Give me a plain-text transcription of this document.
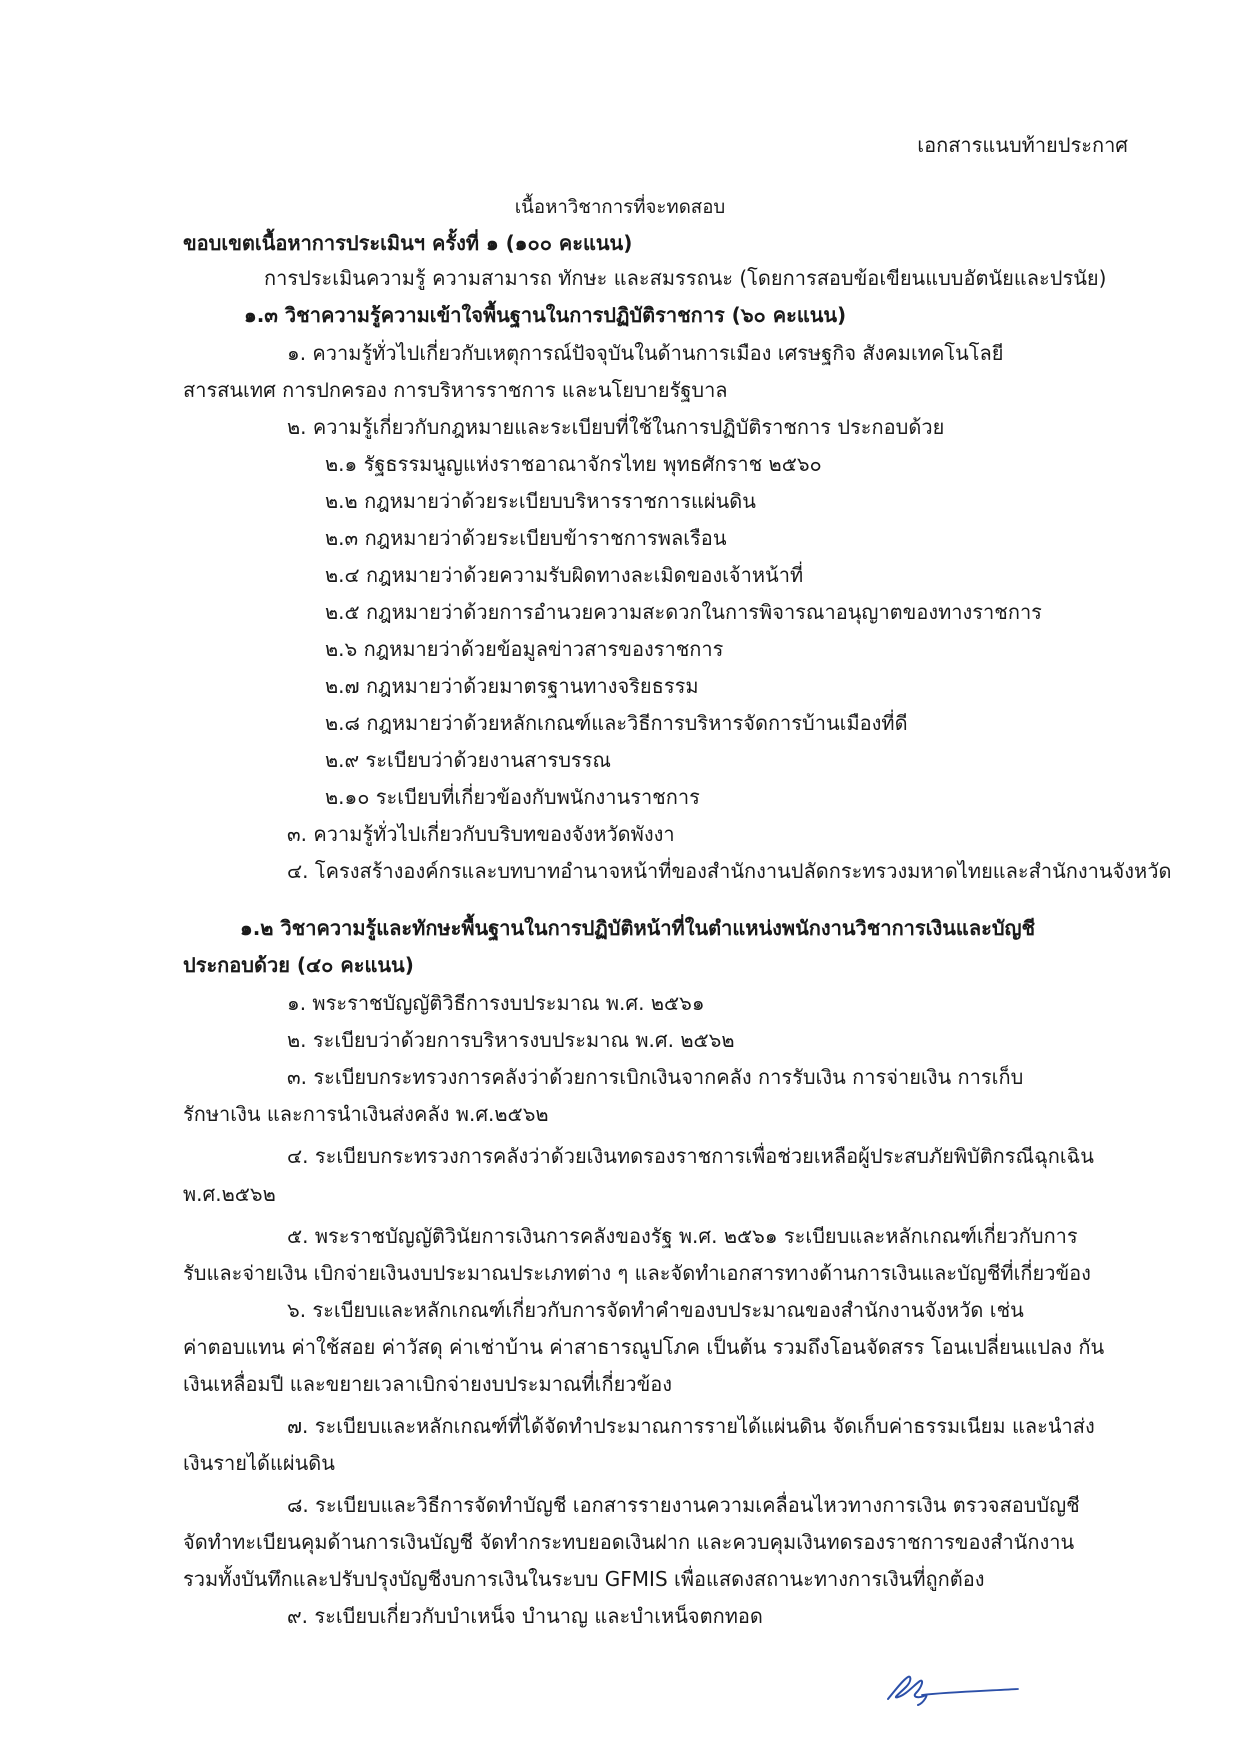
เอกสารแนบท้ายประกาศ
เนื้อหาวิชาการที่จะทดสอบ
ขอบเขตเนื้อหาการประเมินฯ ครั้งที่ ๑ (๑๐๐ คะแนน)
การประเมินความรู้ ความสามารถ ทักษะ และสมรรถนะ (โดยการสอบข้อเขียนแบบอัตนัยและปรนัย)
๑.๓ วิชาความรู้ความเข้าใจพื้นฐานในการปฏิบัติราชการ (๖๐ คะแนน)
๑. ความรู้ทั่วไปเกี่ยวกับเหตุการณ์ปัจจุบันในด้านการเมือง เศรษฐกิจ สังคมเทคโนโลยี
สารสนเทศ การปกครอง การบริหารราชการ และนโยบายรัฐบาล
๒. ความรู้เกี่ยวกับกฎหมายและระเบียบที่ใช้ในการปฏิบัติราชการ ประกอบด้วย
๒.๑ รัฐธรรมนูญแห่งราชอาณาจักรไทย พุทธศักราช ๒๕๖๐
๒.๒ กฎหมายว่าด้วยระเบียบบริหารราชการแผ่นดิน
๒.๓ กฎหมายว่าด้วยระเบียบข้าราชการพลเรือน
๒.๔ กฎหมายว่าด้วยความรับผิดทางละเมิดของเจ้าหน้าที่
๒.๕ กฎหมายว่าด้วยการอำนวยความสะดวกในการพิจารณาอนุญาตของทางราชการ
๒.๖ กฎหมายว่าด้วยข้อมูลข่าวสารของราชการ
๒.๗ กฎหมายว่าด้วยมาตรฐานทางจริยธรรม
๒.๘ กฎหมายว่าด้วยหลักเกณฑ์และวิธีการบริหารจัดการบ้านเมืองที่ดี
๒.๙ ระเบียบว่าด้วยงานสารบรรณ
๒.๑๐ ระเบียบที่เกี่ยวข้องกับพนักงานราชการ
๓. ความรู้ทั่วไปเกี่ยวกับบริบทของจังหวัดพังงา
๔. โครงสร้างองค์กรและบทบาทอำนาจหน้าที่ของสำนักงานปลัดกระทรวงมหาดไทยและสำนักงานจังหวัด
๑.๒ วิชาความรู้และทักษะพื้นฐานในการปฏิบัติหน้าที่ในตำแหน่งพนักงานวิชาการเงินและบัญชี
ประกอบด้วย (๔๐ คะแนน)
๑. พระราชบัญญัติวิธีการงบประมาณ พ.ศ. ๒๕๖๑
๒. ระเบียบว่าด้วยการบริหารงบประมาณ พ.ศ. ๒๕๖๒
๓. ระเบียบกระทรวงการคลังว่าด้วยการเบิกเงินจากคลัง การรับเงิน การจ่ายเงิน การเก็บ
รักษาเงิน และการนำเงินส่งคลัง พ.ศ.๒๕๖๒
๔. ระเบียบกระทรวงการคลังว่าด้วยเงินทดรองราชการเพื่อช่วยเหลือผู้ประสบภัยพิบัติกรณีฉุกเฉิน
พ.ศ.๒๕๖๒
๕. พระราชบัญญัติวินัยการเงินการคลังของรัฐ พ.ศ. ๒๕๖๑ ระเบียบและหลักเกณฑ์เกี่ยวกับการ
รับและจ่ายเงิน เบิกจ่ายเงินงบประมาณประเภทต่าง ๆ และจัดทำเอกสารทางด้านการเงินและบัญชีที่เกี่ยวข้อง
๖. ระเบียบและหลักเกณฑ์เกี่ยวกับการจัดทำคำของบประมาณของสำนักงานจังหวัด เช่น
ค่าตอบแทน ค่าใช้สอย ค่าวัสดุ ค่าเช่าบ้าน ค่าสาธารณูปโภค เป็นต้น รวมถึงโอนจัดสรร โอนเปลี่ยนแปลง กัน
เงินเหลื่อมปี และขยายเวลาเบิกจ่ายงบประมาณที่เกี่ยวข้อง
๗. ระเบียบและหลักเกณฑ์ที่ได้จัดทำประมาณการรายได้แผ่นดิน จัดเก็บค่าธรรมเนียม และนำส่ง
เงินรายได้แผ่นดิน
๘. ระเบียบและวิธีการจัดทำบัญชี เอกสารรายงานความเคลื่อนไหวทางการเงิน ตรวจสอบบัญชี
จัดทำทะเบียนคุมด้านการเงินบัญชี จัดทำกระทบยอดเงินฝาก และควบคุมเงินทดรองราชการของสำนักงาน
รวมทั้งบันทึกและปรับปรุงบัญชีงบการเงินในระบบ GFMIS เพื่อแสดงสถานะทางการเงินที่ถูกต้อง
๙. ระเบียบเกี่ยวกับบำเหน็จ บำนาญ และบำเหน็จตกทอด
